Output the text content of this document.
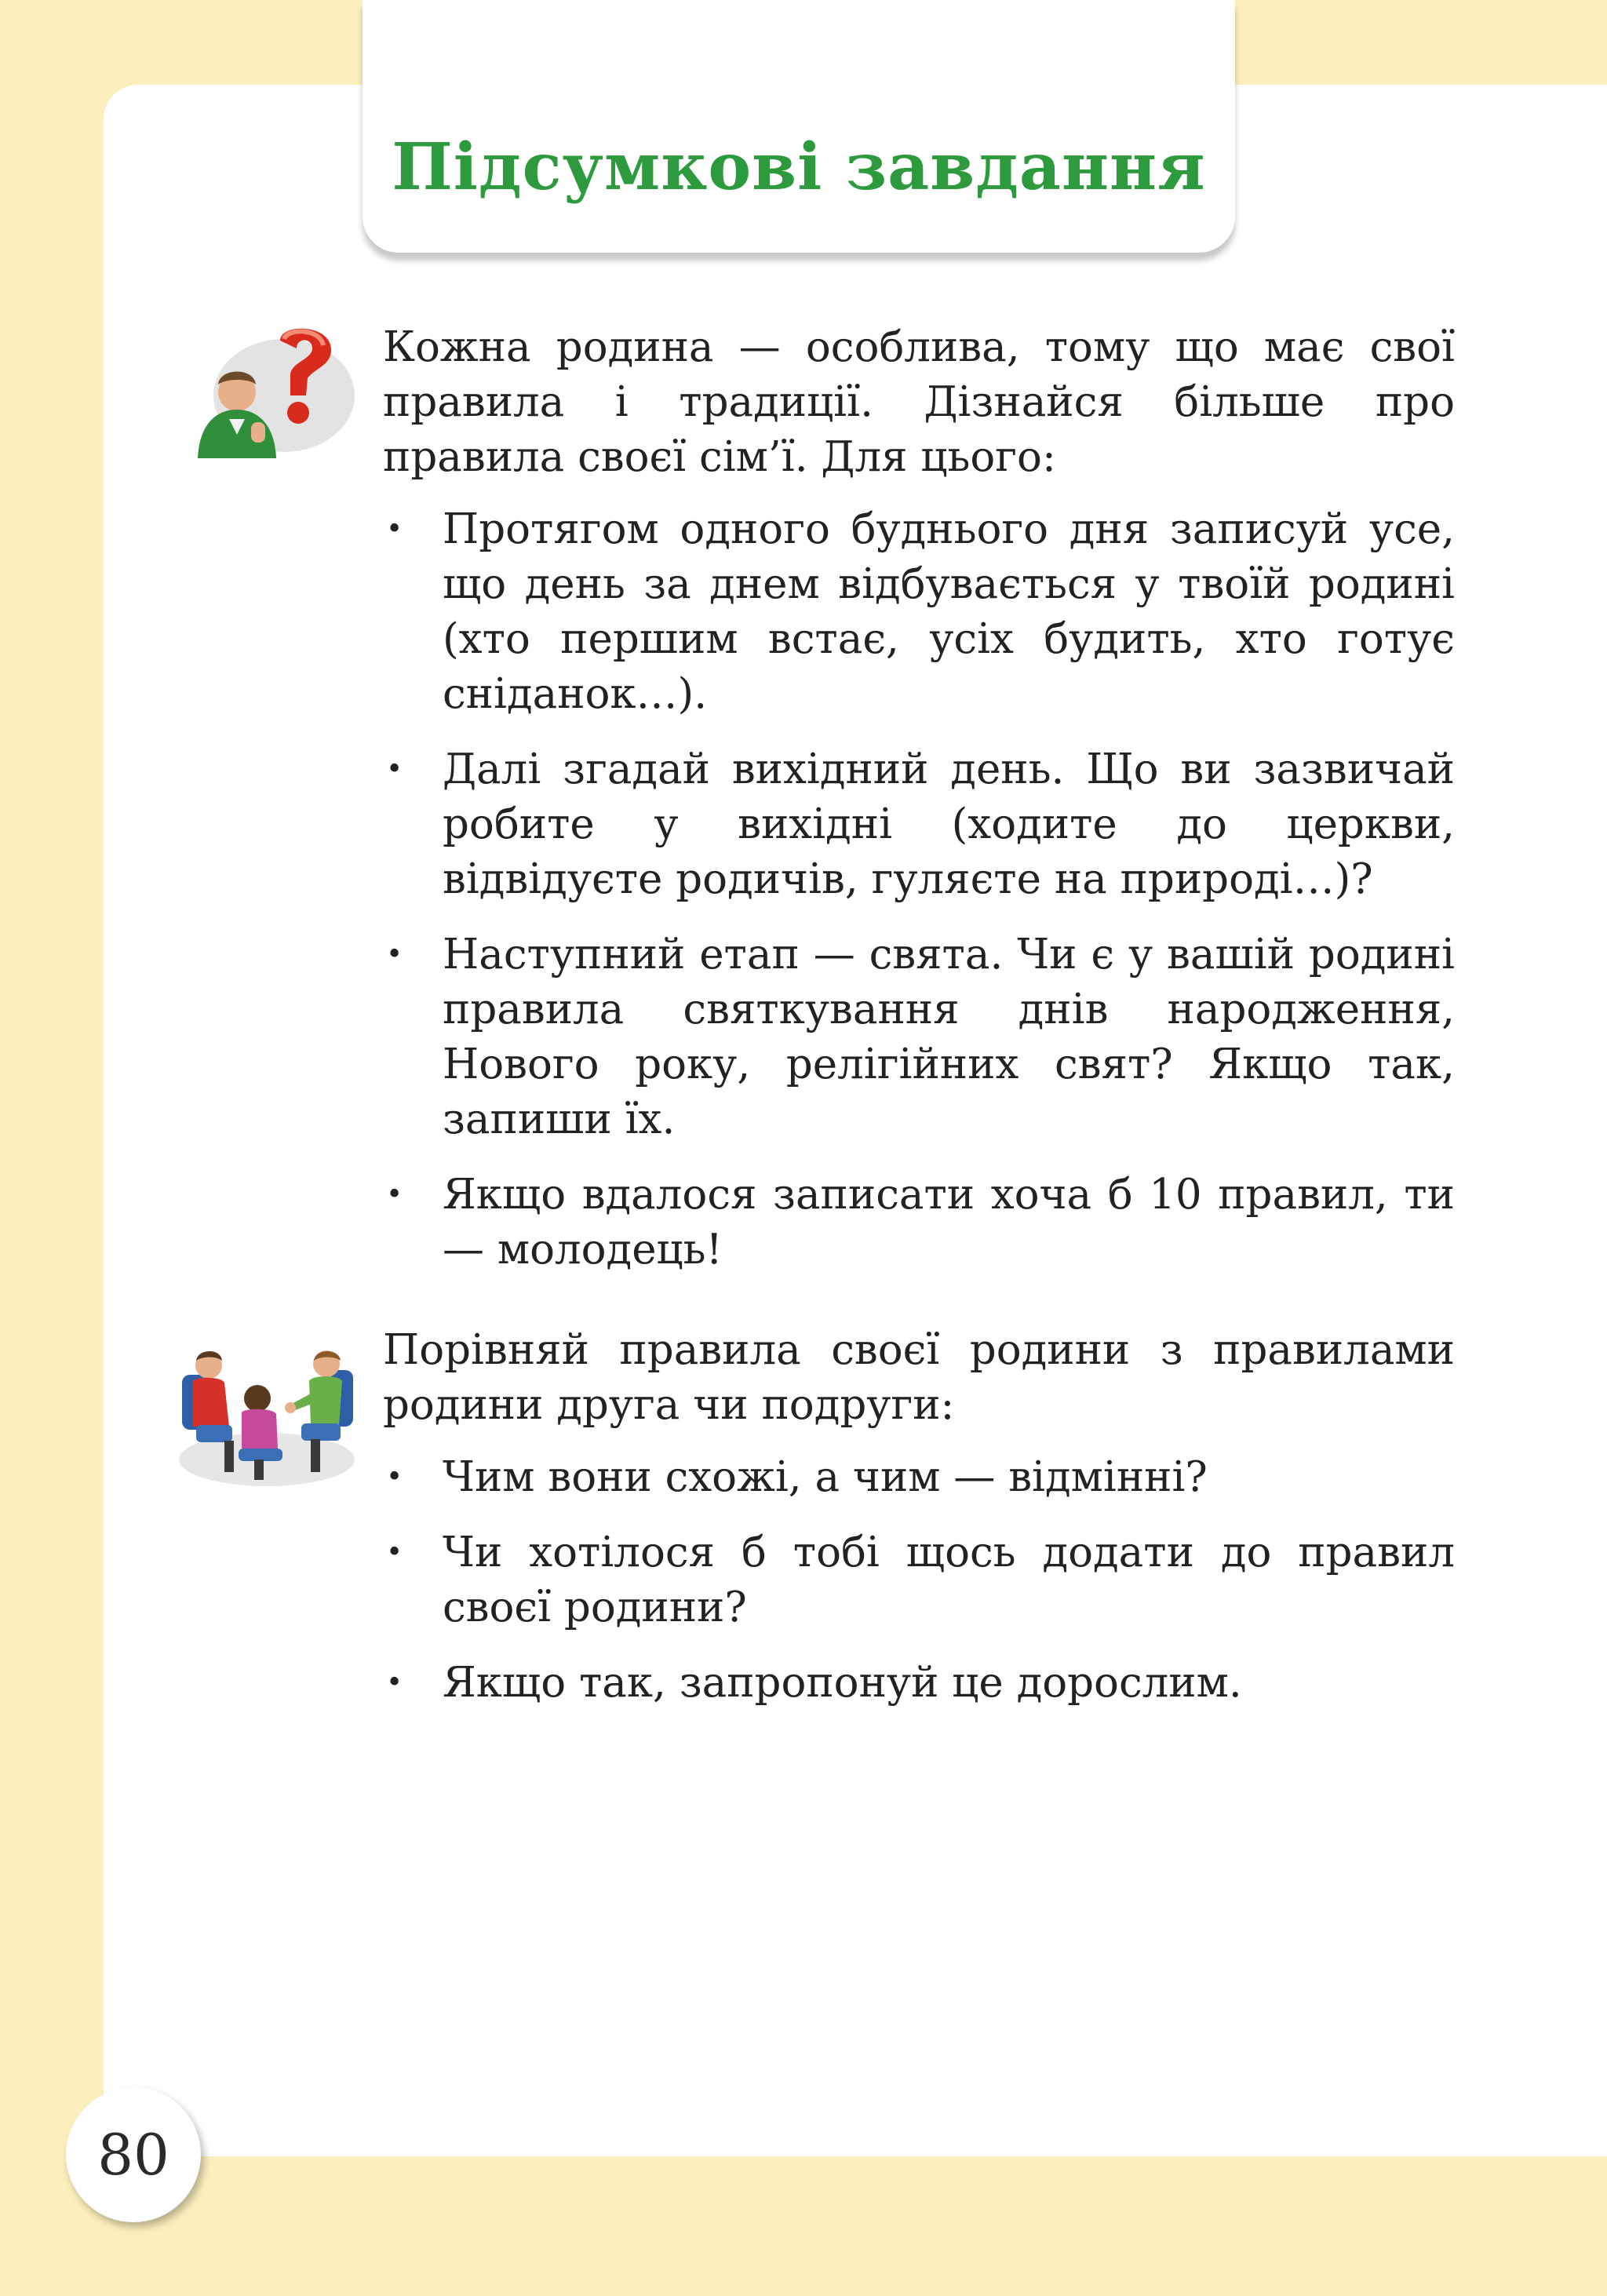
Підсумкові завдання

Кожна родина — особлива, тому що має свої правила і традиції. Дізнайся більше про правила своєї сім’ї. Для цього:

• Протягом одного буднього дня записуй усе, що день за днем відбувається у твоїй родині (хто першим встає, усіх будить, хто готує сніданок…).
• Далі згадай вихідний день. Що ви зазвичай робите у вихідні (ходите до церкви, відвідуєте родичів, гуляєте на природі…)?
• Наступний етап — свята. Чи є у вашій родині правила святкування днів народження, Нового року, релігійних свят? Якщо так, запиши їх.
• Якщо вдалося записати хоча б 10 правил, ти — молодець!

Порівняй правила своєї родини з правилами родини друга чи подруги:

• Чим вони схожі, а чим — відмінні?
• Чи хотілося б тобі щось додати до правил своєї родини?
• Якщо так, запропонуй це дорослим.
80
